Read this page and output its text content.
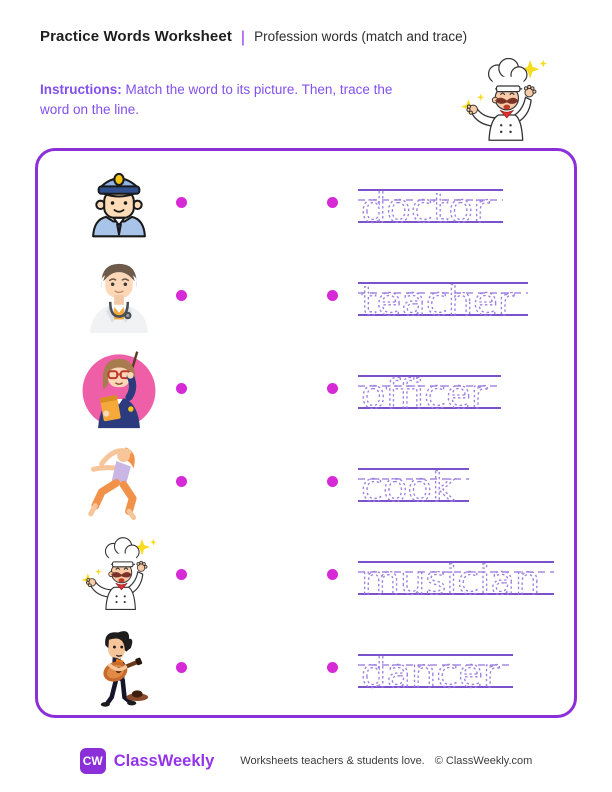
Practice Words Worksheet | Profession words (match and trace)
Instructions: Match the word to its picture. Then, trace the word on the line.
doctor
teacher
officer
cook
musician
dancer
CW ClassWeekly Worksheets teachers & students love. © ClassWeekly.com
